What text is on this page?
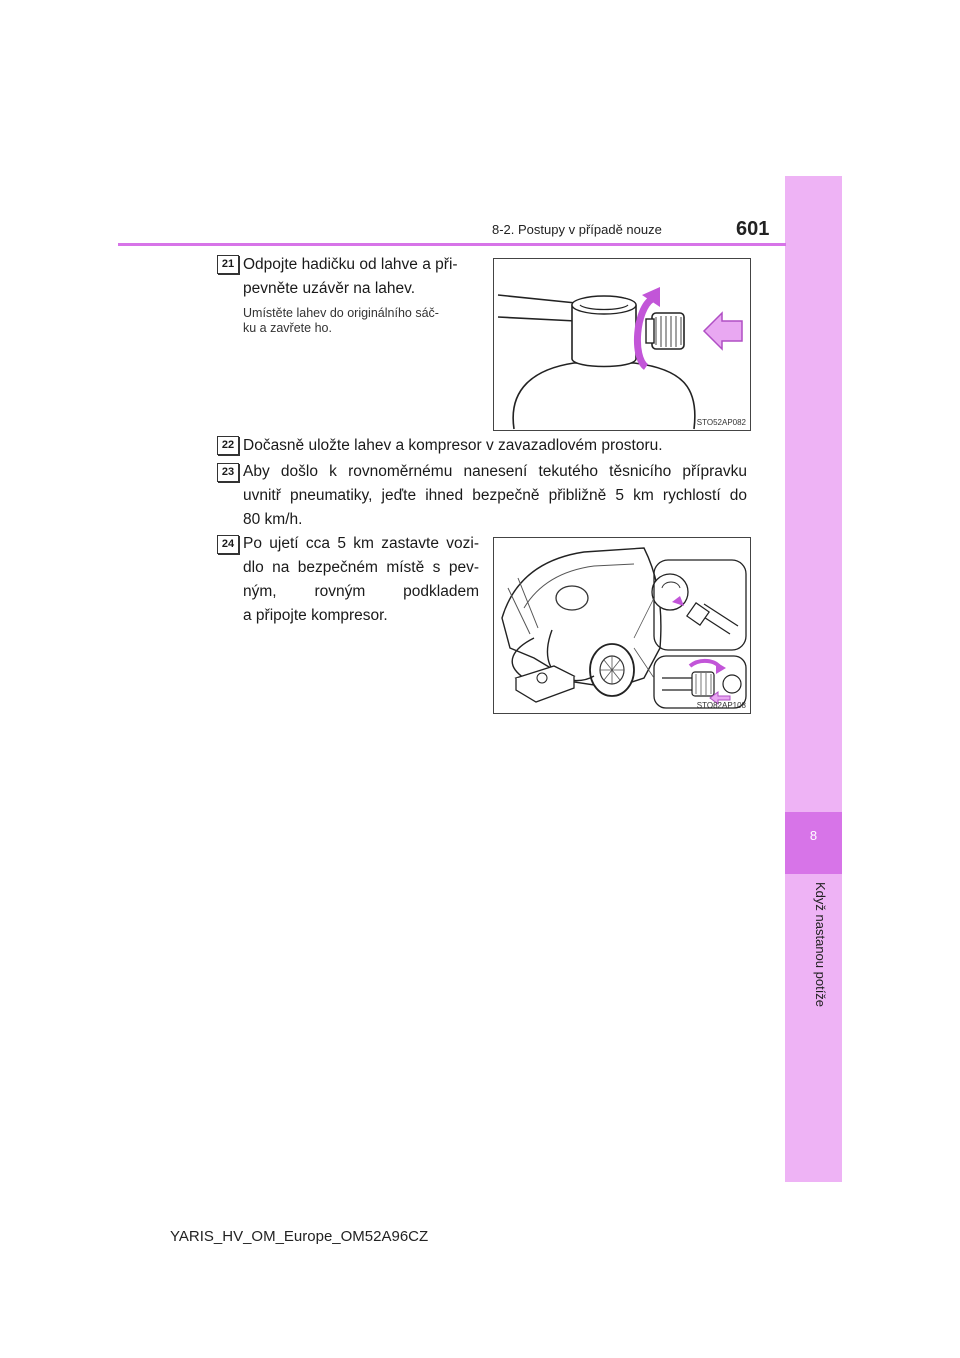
8
Když nastanou potíže
8-2. Postupy v případě nouze	601
21 Odpojte hadičku od lahve a při-
pevněte uzávěr na lahev.
Umístěte lahev do originálního sáč-
ku a zavřete ho.
STO52AP082
22 Dočasně uložte lahev a kompresor v zavazadlovém prostoru.
23 Aby došlo k rovnoměrnému nanesení tekutého těsnicího přípravku
uvnitř pneumatiky, jeďte ihned bezpečně přibližně 5 km rychlostí do
80 km/h.
24 Po ujetí cca 5 km zastavte vozi-
dlo na bezpečném místě s pev-
ným, rovným podkladem
a připojte kompresor.
STO82AP108
YARIS_HV_OM_Europe_OM52A96CZ
